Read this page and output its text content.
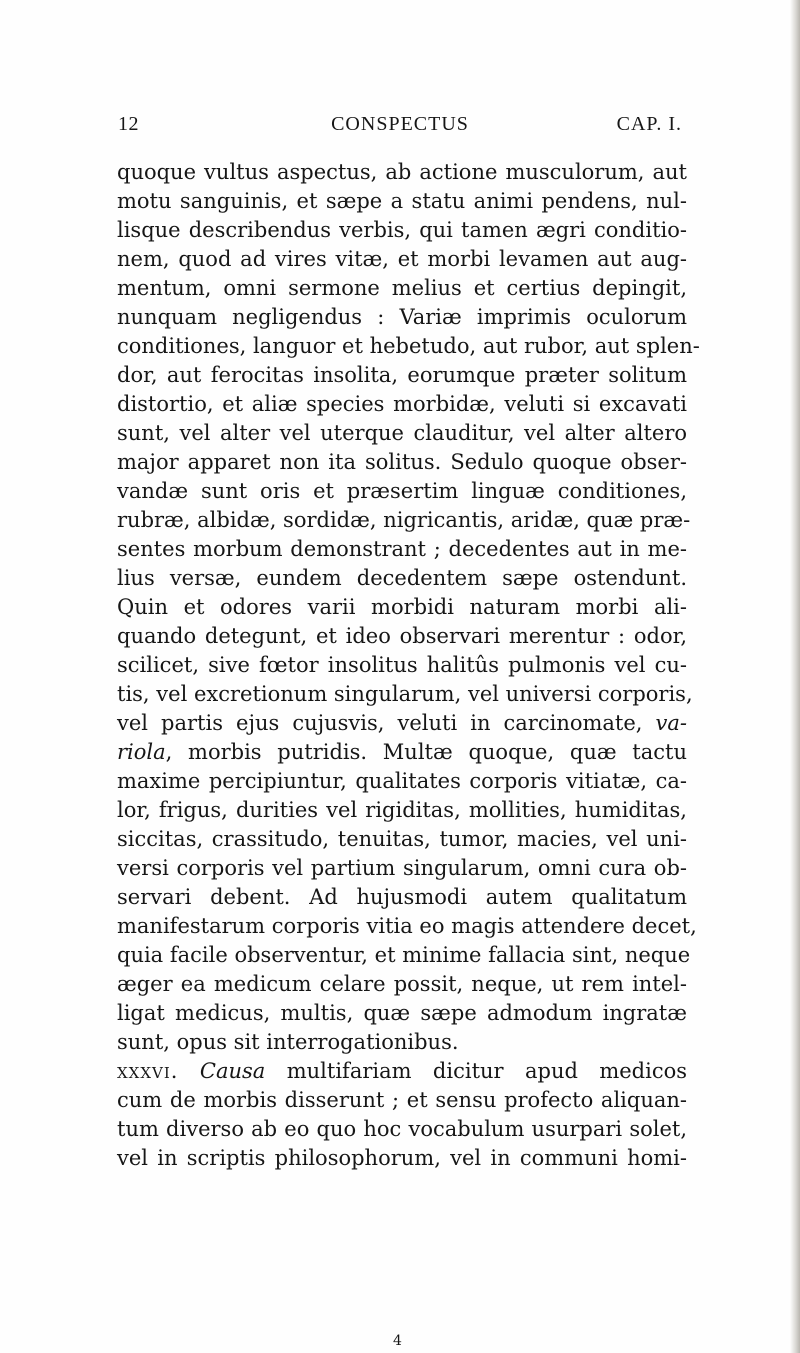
12	CONSPECTUS	CAP. I.
quoque vultus aspectus, ab actione musculorum, aut
motu sanguinis, et sæpe a statu animi pendens, nul-
lisque describendus verbis, qui tamen ægri conditio-
nem, quod ad vires vitæ, et morbi levamen aut aug-
mentum, omni sermone melius et certius depingit,
nunquam negligendus : Variæ imprimis oculorum
conditiones, languor et hebetudo, aut rubor, aut splen-
dor, aut ferocitas insolita, eorumque præter solitum
distortio, et aliæ species morbidæ, veluti si excavati
sunt, vel alter vel uterque clauditur, vel alter altero
major apparet non ita solitus. Sedulo quoque obser-
vandæ sunt oris et præsertim linguæ conditiones,
rubræ, albidæ, sordidæ, nigricantis, aridæ, quæ præ-
sentes morbum demonstrant ; decedentes aut in me-
lius versæ, eundem decedentem sæpe ostendunt.
Quin et odores varii morbidi naturam morbi ali-
quando detegunt, et ideo observari merentur : odor,
scilicet, sive fœtor insolitus halitûs pulmonis vel cu-
tis, vel excretionum singularum, vel universi corporis,
vel partis ejus cujusvis, veluti in carcinomate, va-
riola, morbis putridis. Multæ quoque, quæ tactu
maxime percipiuntur, qualitates corporis vitiatæ, ca-
lor, frigus, durities vel rigiditas, mollities, humiditas,
siccitas, crassitudo, tenuitas, tumor, macies, vel uni-
versi corporis vel partium singularum, omni cura ob-
servari debent. Ad hujusmodi autem qualitatum
manifestarum corporis vitia eo magis attendere decet,
quia facile observentur, et minime fallacia sint, neque
æger ea medicum celare possit, neque, ut rem intel-
ligat medicus, multis, quæ sæpe admodum ingratæ
sunt, opus sit interrogationibus.
xxxvi. Causa multifariam dicitur apud medicos
cum de morbis disserunt ; et sensu profecto aliquan-
tum diverso ab eo quo hoc vocabulum usurpari solet,
vel in scriptis philosophorum, vel in communi homi-
4
